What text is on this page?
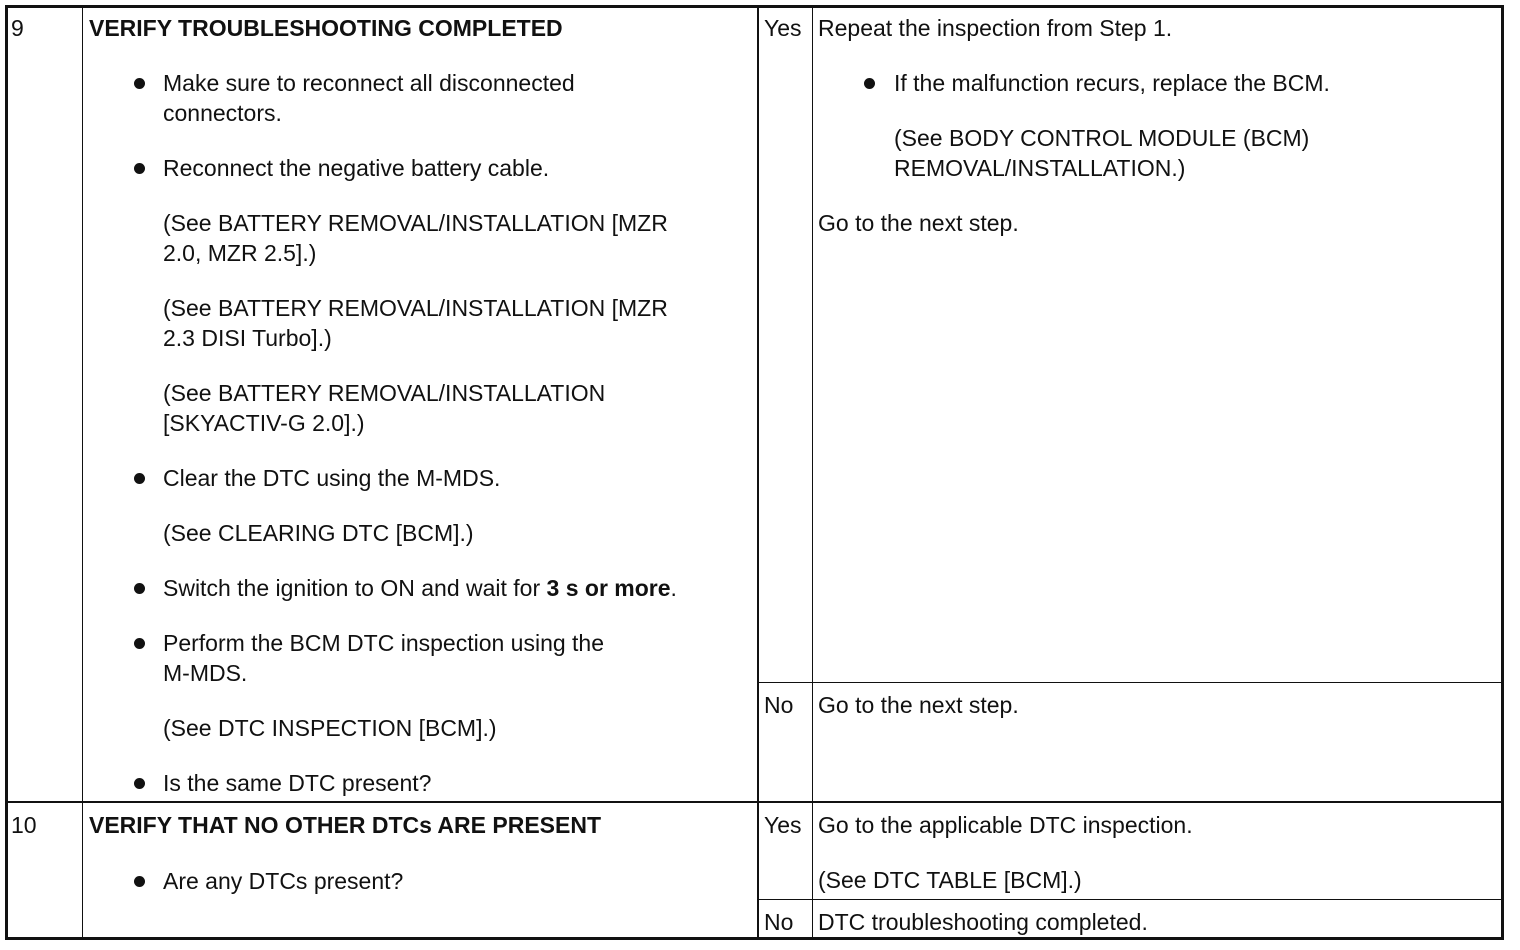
9	VERIFY TROUBLESHOOTING COMPLETED
Make sure to reconnect all disconnected
connectors.
Reconnect the negative battery cable.
(See BATTERY REMOVAL/INSTALLATION [MZR
2.0, MZR 2.5].)
(See BATTERY REMOVAL/INSTALLATION [MZR
2.3 DISI Turbo].)
(See BATTERY REMOVAL/INSTALLATION
[SKYACTIV-G 2.0].)
Clear the DTC using the M-MDS.
(See CLEARING DTC [BCM].)
Switch the ignition to ON and wait for 3 s or more.
Perform the BCM DTC inspection using the
M-MDS.
(See DTC INSPECTION [BCM].)
Is the same DTC present?
Yes Repeat the inspection from Step 1.
If the malfunction recurs, replace the BCM.
(See BODY CONTROL MODULE (BCM)
REMOVAL/INSTALLATION.)
Go to the next step.
No Go to the next step.
10 VERIFY THAT NO OTHER DTCs ARE PRESENT
Are any DTCs present?
Yes Go to the applicable DTC inspection.
(See DTC TABLE [BCM].)
No DTC troubleshooting completed.
